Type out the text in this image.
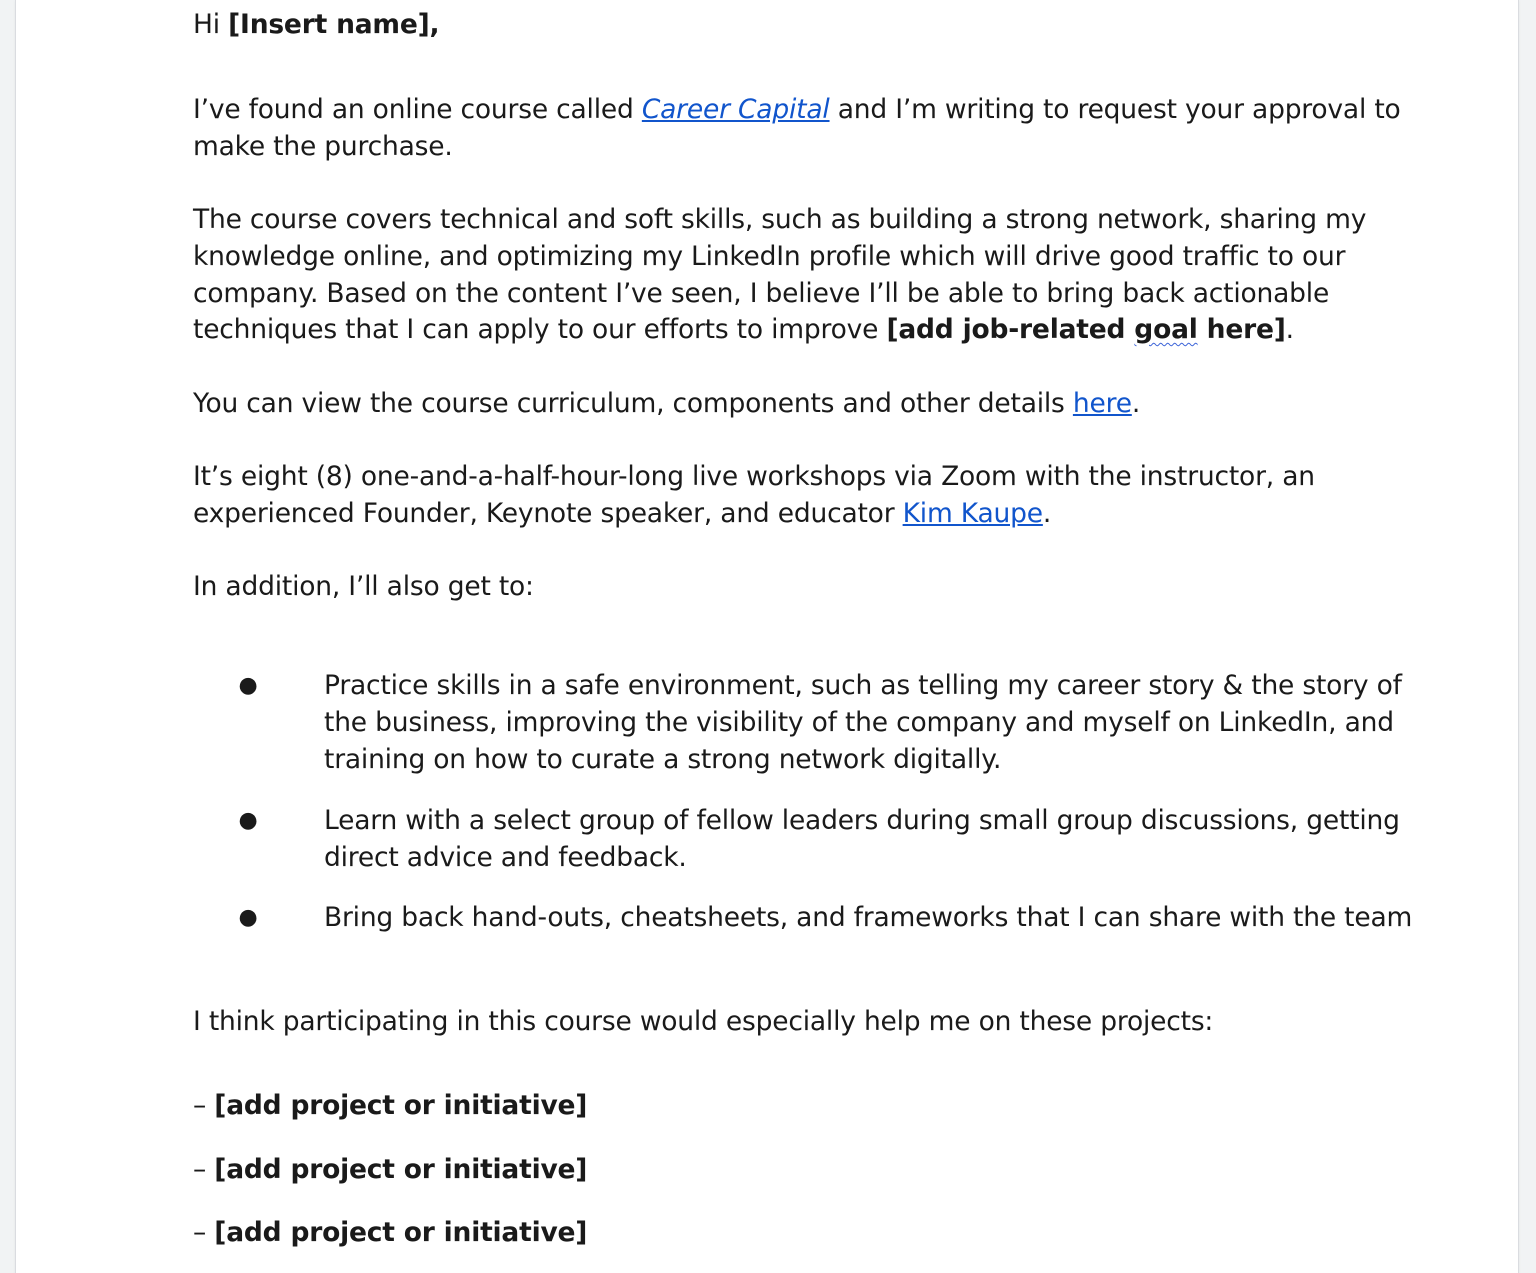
Hi [Insert name],

I’ve found an online course called Career Capital and I’m writing to request your approval to

make the purchase.

The course covers technical and soft skills, such as building a strong network, sharing my

knowledge online, and optimizing my LinkedIn profile which will drive good traffic to our

company. Based on the content I’ve seen, I believe I’ll be able to bring back actionable

techniques that I can apply to our efforts to improve [add job-related goal here].

You can view the course curriculum, components and other details here.

It’s eight (8) one-and-a-half-hour-long live workshops via Zoom with the instructor, an

experienced Founder, Keynote speaker, and educator Kim Kaupe.

In addition, I’ll also get to:

●	Practice skills in a safe environment, such as telling my career story & the story of
the business, improving the visibility of the company and myself on LinkedIn, and
training on how to curate a strong network digitally.
●	Learn with a select group of fellow leaders during small group discussions, getting
direct advice and feedback.
●	Bring back hand-outs, cheatsheets, and frameworks that I can share with the team

I think participating in this course would especially help me on these projects:

– [add project or initiative]

– [add project or initiative]

– [add project or initiative]
